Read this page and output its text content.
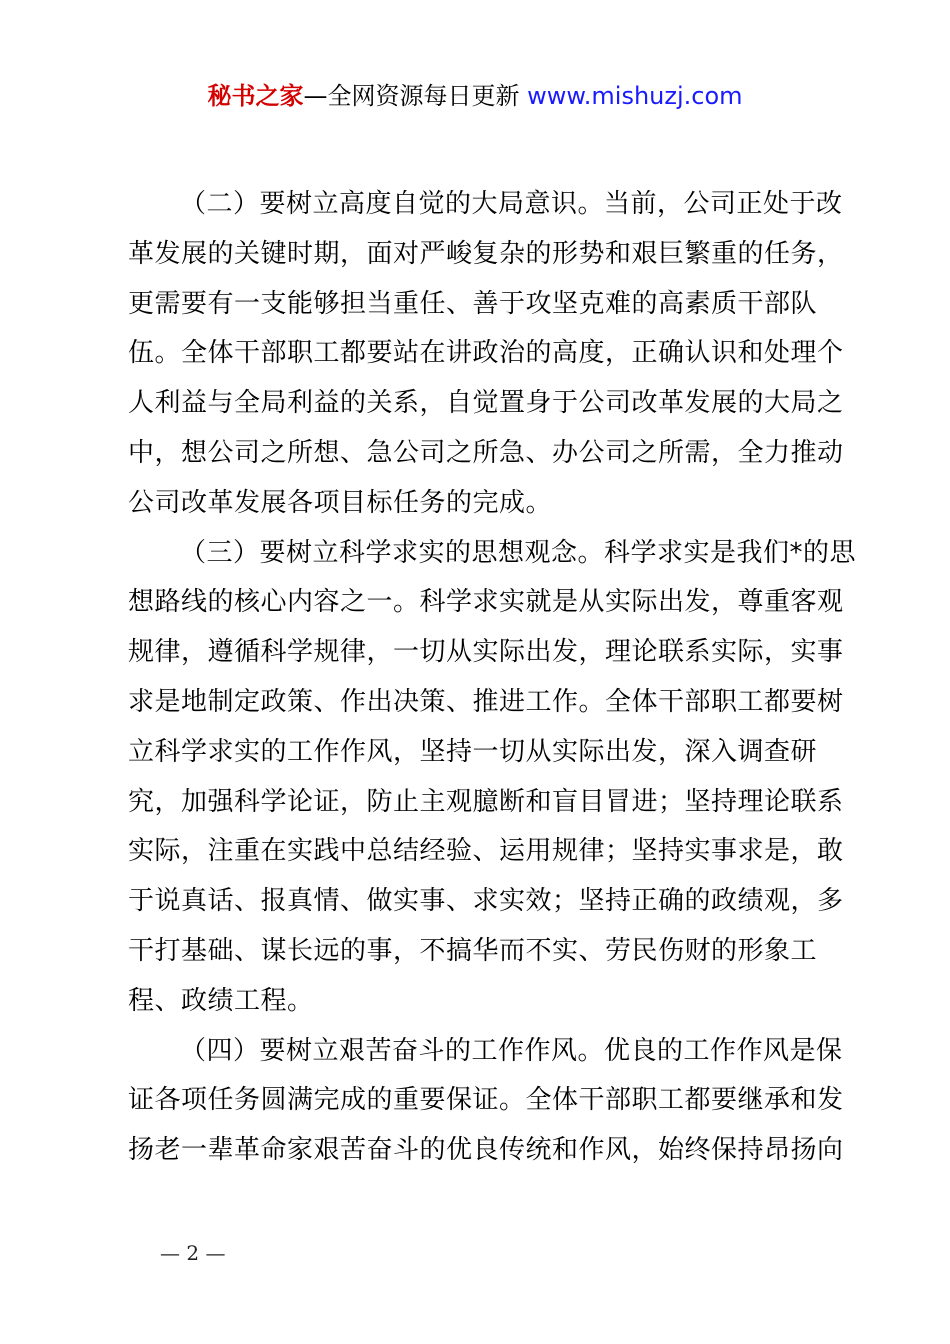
秘书之家—全网资源每日更新 www.mishuzj.com

（二）要树立高度自觉的大局意识。当前，公司正处于改革发展的关键时期，面对严峻复杂的形势和艰巨繁重的任务，更需要有一支能够担当重任、善于攻坚克难的高素质干部队伍。全体干部职工都要站在讲政治的高度，正确认识和处理个人利益与全局利益的关系，自觉置身于公司改革发展的大局之中，想公司之所想、急公司之所急、办公司之所需，全力推动公司改革发展各项目标任务的完成。

（三）要树立科学求实的思想观念。科学求实是我们*的思想路线的核心内容之一。科学求实就是从实际出发，尊重客观规律，遵循科学规律，一切从实际出发，理论联系实际，实事求是地制定政策、作出决策、推进工作。全体干部职工都要树立科学求实的工作作风，坚持一切从实际出发，深入调查研究，加强科学论证，防止主观臆断和盲目冒进；坚持理论联系实际，注重在实践中总结经验、运用规律；坚持实事求是，敢于说真话、报真情、做实事、求实效；坚持正确的政绩观，多干打基础、谋长远的事，不搞华而不实、劳民伤财的形象工程、政绩工程。

（四）要树立艰苦奋斗的工作作风。优良的工作作风是保证各项任务圆满完成的重要保证。全体干部职工都要继承和发扬老一辈革命家艰苦奋斗的优良传统和作风，始终保持昂扬向

— 2 —
